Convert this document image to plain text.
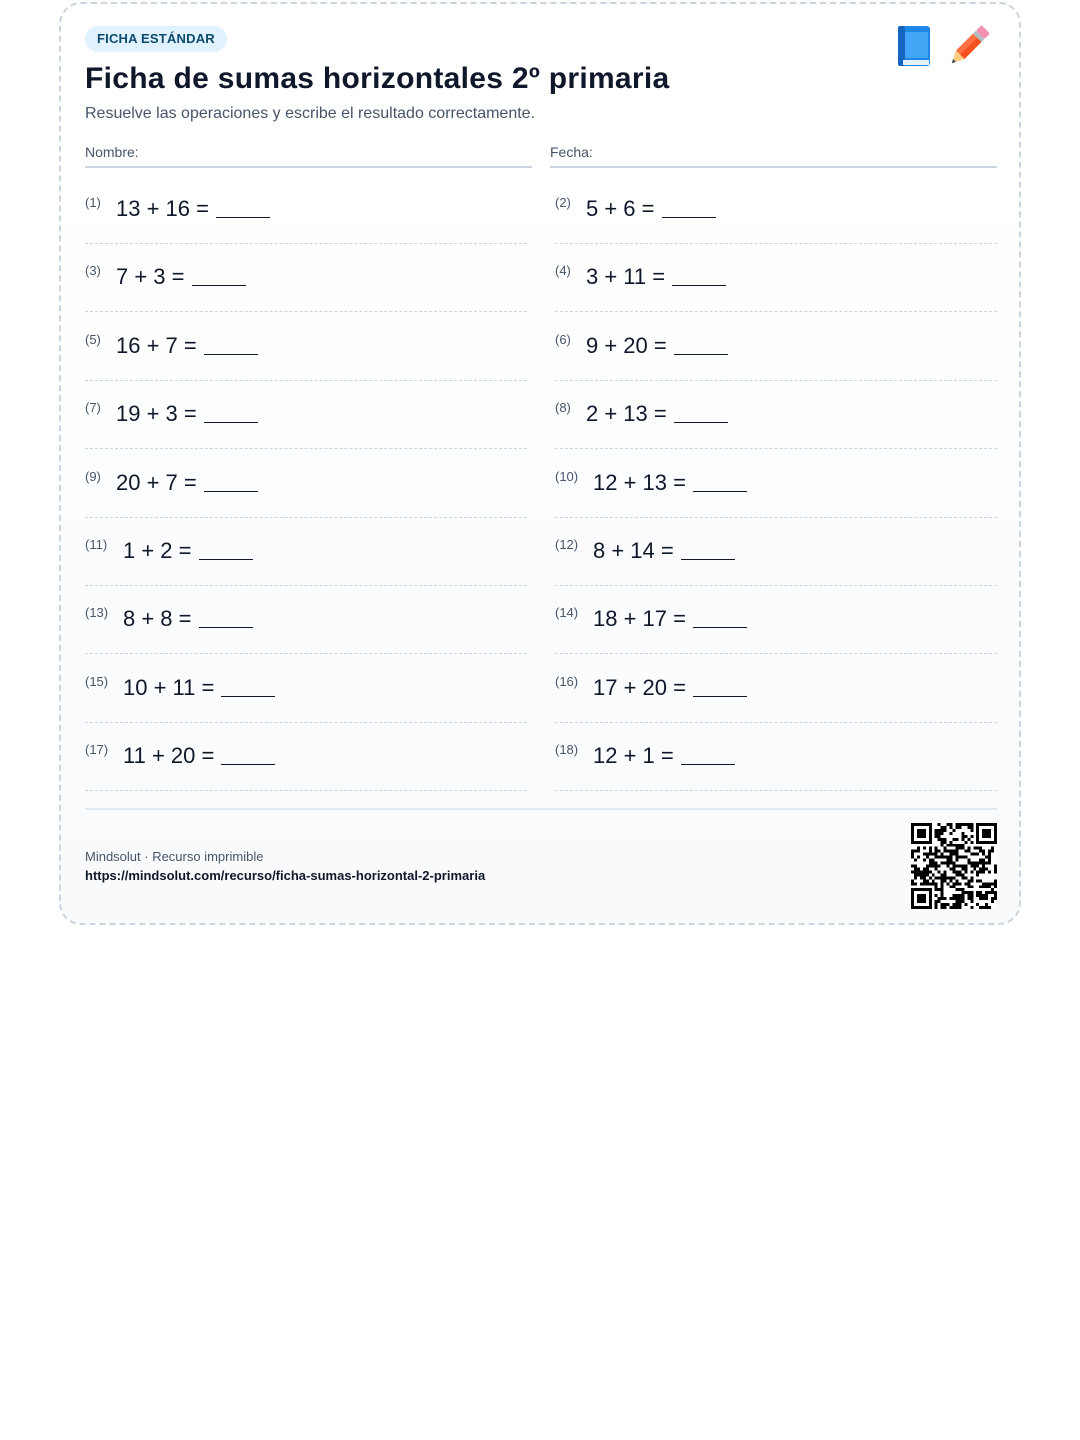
FICHA ESTÁNDAR
Ficha de sumas horizontales 2º primaria

Resuelve las operaciones y escribe el resultado correctamente.

Nombre:	Fecha:
(1) 13 + 16 =	(2) 5 + 6 =
(3) 7 + 3 =	(4) 3 + 11 =
(5) 16 + 7 =	(6) 9 + 20 =
(7) 19 + 3 =	(8) 2 + 13 =
(9) 20 + 7 =	(10) 12 + 13 =
(11) 1 + 2 =	(12) 8 + 14 =
(13) 8 + 8 =	(14) 18 + 17 =
(15) 10 + 11 =	(16) 17 + 20 =
(17) 11 + 20 =	(18) 12 + 1 =
Mindsolut · Recurso imprimible
https://mindsolut.com/recurso/ficha-sumas-horizontal-2-primaria
